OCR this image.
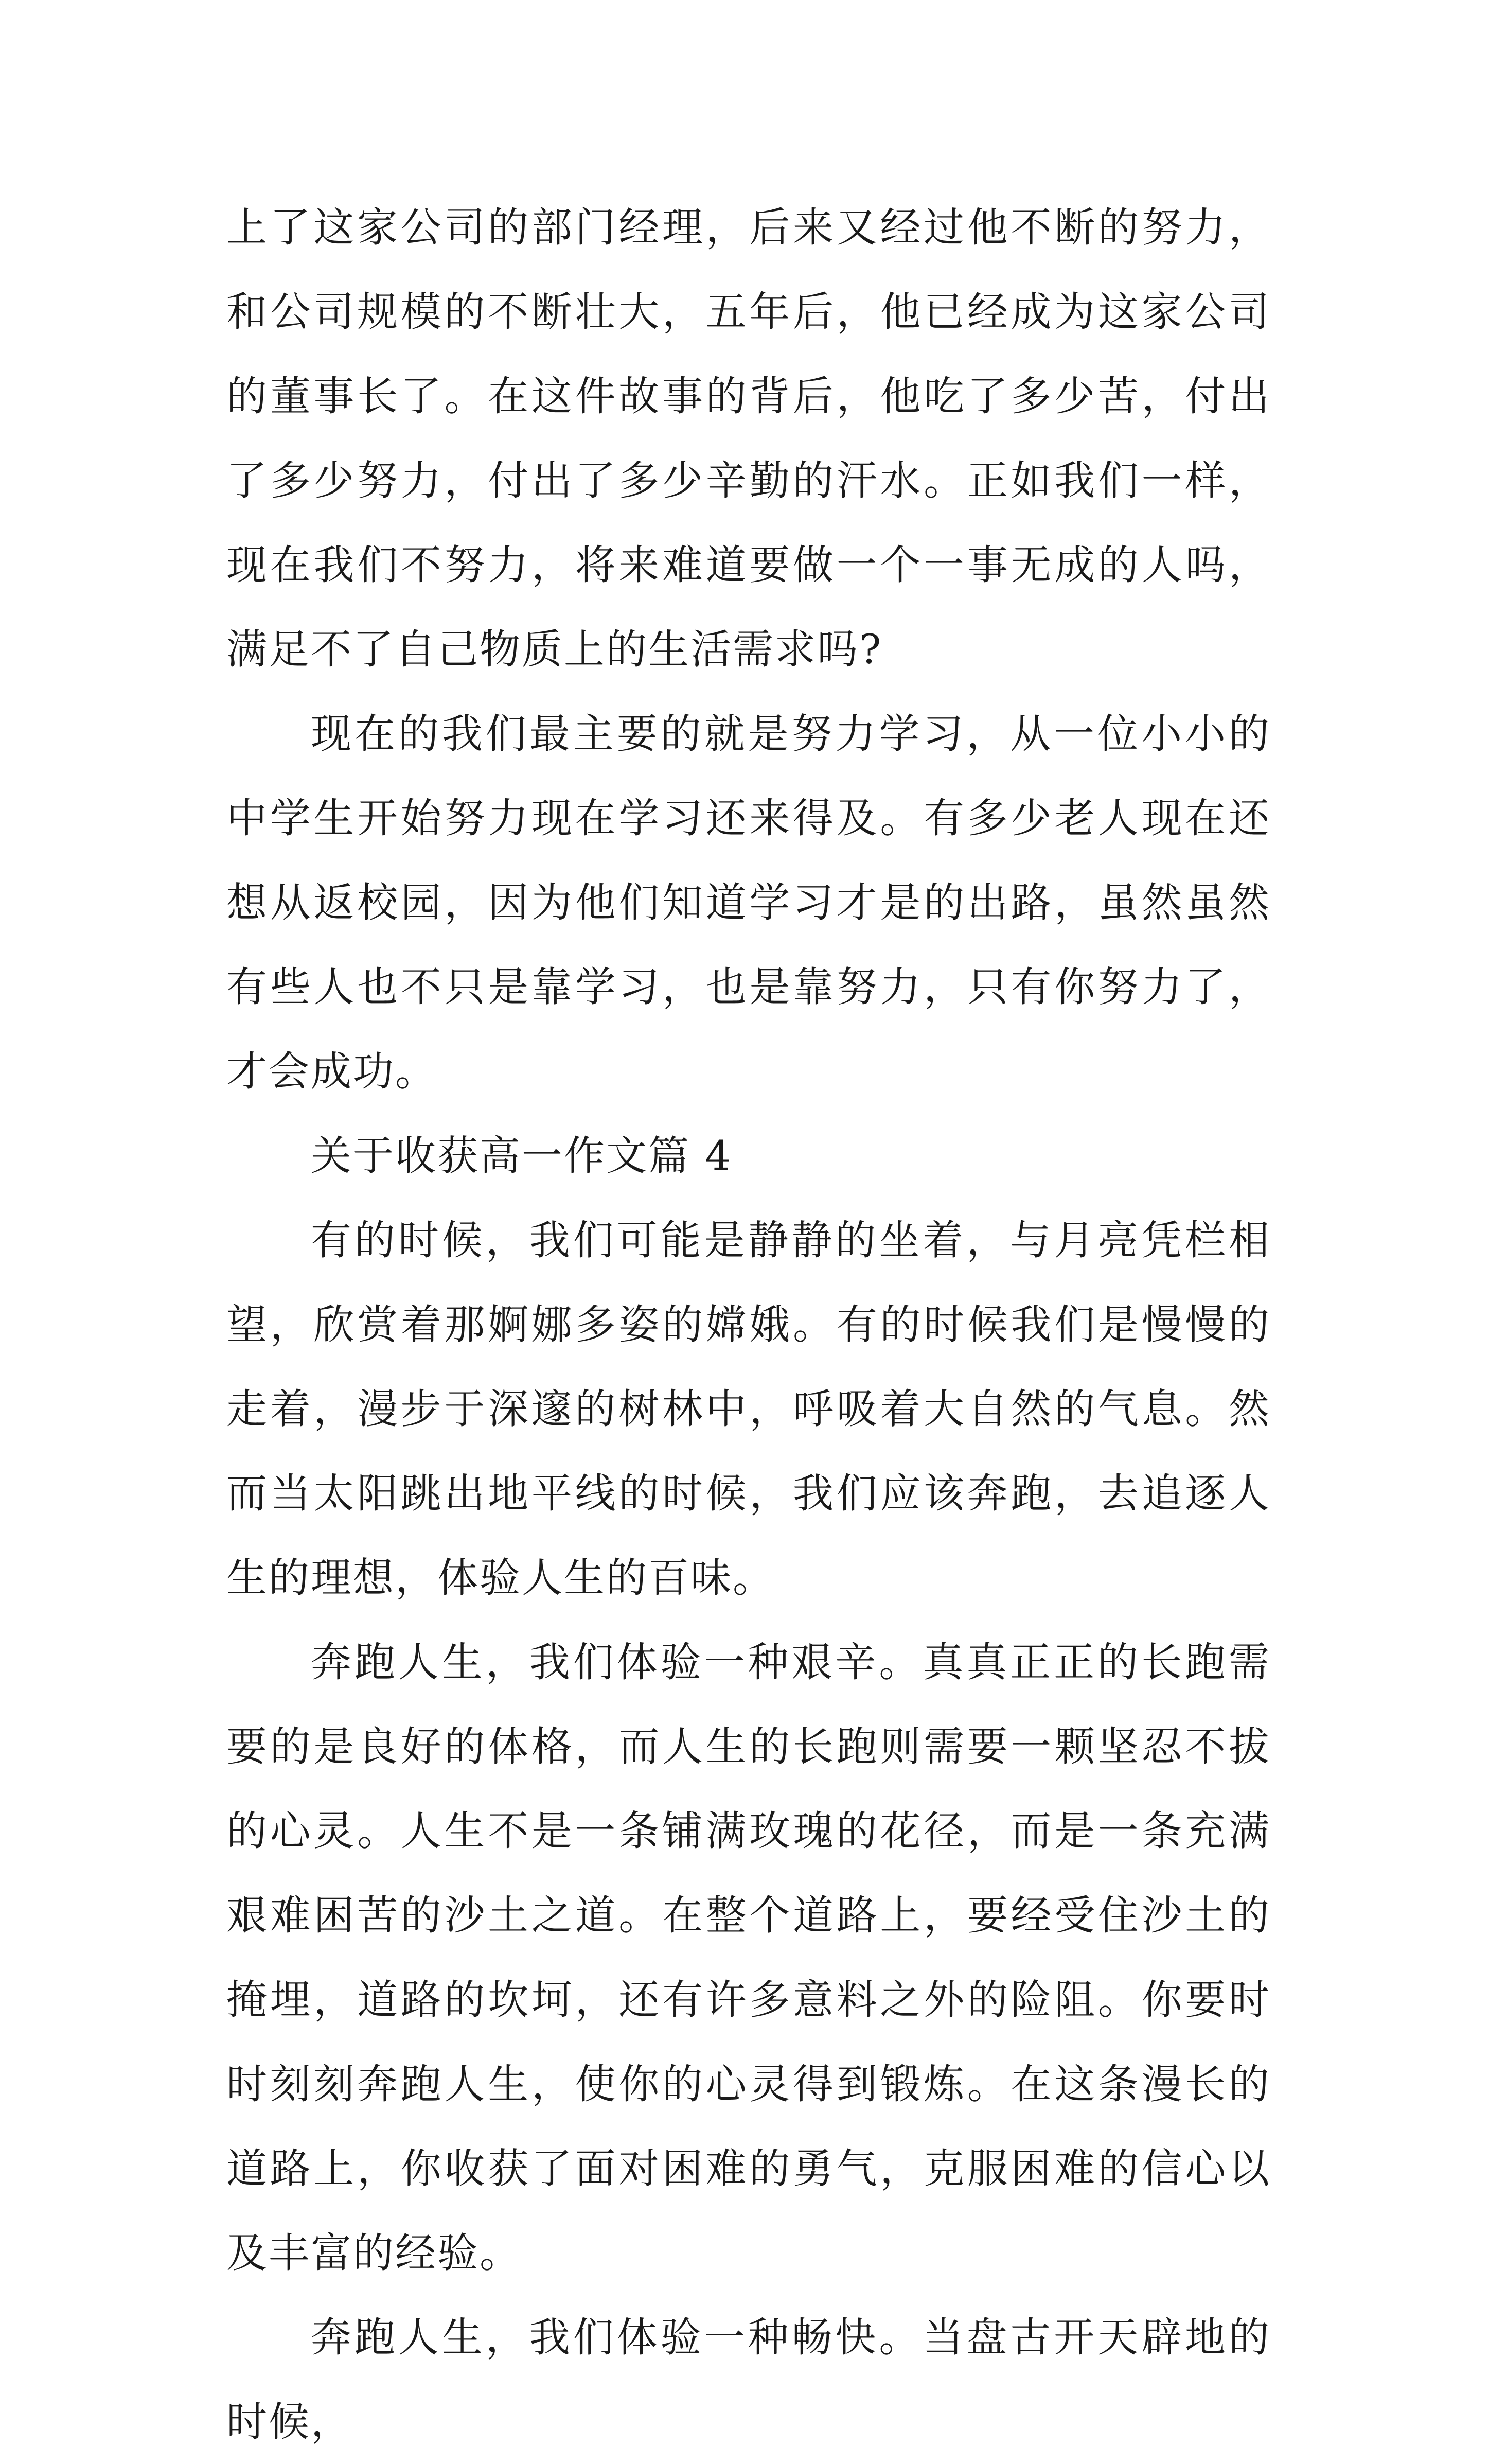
上了这家公司的部门经理，后来又经过他不断的努力，和公司规模的不断壮大，五年后，他已经成为这家公司的董事长了。在这件故事的背后，他吃了多少苦，付出了多少努力，付出了多少辛勤的汗水。正如我们一样，现在我们不努力，将来难道要做一个一事无成的人吗，满足不了自己物质上的生活需求吗?

现在的我们最主要的就是努力学习，从一位小小的中学生开始努力现在学习还来得及。有多少老人现在还想从返校园，因为他们知道学习才是的出路，虽然虽然有些人也不只是靠学习，也是靠努力，只有你努力了，才会成功。

关于收获高一作文篇 4

有的时候，我们可能是静静的坐着，与月亮凭栏相望，欣赏着那婀娜多姿的嫦娥。有的时候我们是慢慢的走着，漫步于深邃的树林中，呼吸着大自然的气息。然而当太阳跳出地平线的时候，我们应该奔跑，去追逐人生的理想，体验人生的百味。

奔跑人生，我们体验一种艰辛。真真正正的长跑需要的是良好的体格，而人生的长跑则需要一颗坚忍不拔的心灵。人生不是一条铺满玫瑰的花径，而是一条充满艰难困苦的沙土之道。在整个道路上，要经受住沙土的掩埋，道路的坎坷，还有许多意料之外的险阻。你要时时刻刻奔跑人生，使你的心灵得到锻炼。在这条漫长的道路上，你收获了面对困难的勇气，克服困难的信心以及丰富的经验。

奔跑人生，我们体验一种畅快。当盘古开天辟地的时候，
